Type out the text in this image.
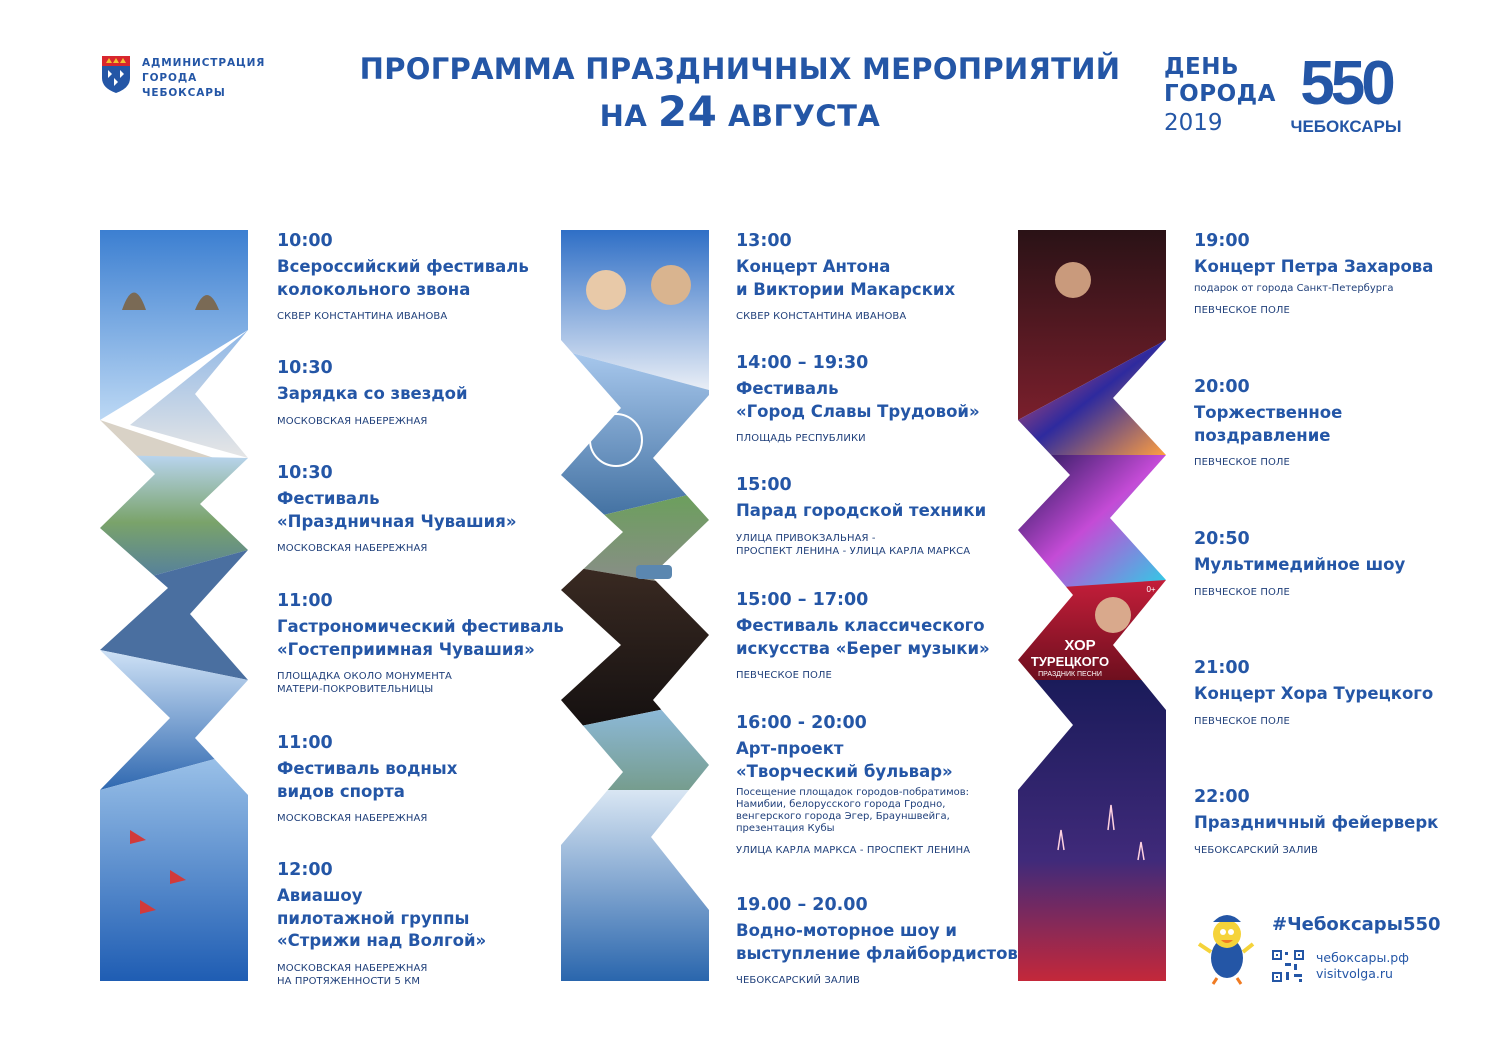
АДМИНИСТРАЦИЯ
ГОРОДА
ЧЕБОКСАРЫ
ПРОГРАММА ПРАЗДНИЧНЫХ МЕРОПРИЯТИЙ
НА 24 АВГУСТА
ДЕНЬ
ГОРОДА
2019
550
ЧЕБОКСАРЫ
ХОР
ТУРЕЦКОГО
ПРАЗДНИК ПЕСНИ
0+
10:00
Всероссийский фестиваль
колокольного звона
СКВЕР КОНСТАНТИНА ИВАНОВА
10:30
Зарядка со звездой
МОСКОВСКАЯ НАБЕРЕЖНАЯ
10:30
Фестиваль
«Праздничная Чувашия»
МОСКОВСКАЯ НАБЕРЕЖНАЯ
11:00
Гастрономический фестиваль
«Гостеприимная Чувашия»
ПЛОЩАДКА ОКОЛО МОНУМЕНТА
МАТЕРИ-ПОКРОВИТЕЛЬНИЦЫ
11:00
Фестиваль водных
видов спорта
МОСКОВСКАЯ НАБЕРЕЖНАЯ
12:00
Авиашоу
пилотажной группы
«Стрижи над Волгой»
МОСКОВСКАЯ НАБЕРЕЖНАЯ
НА ПРОТЯЖЕННОСТИ 5 КМ
13:00
Концерт Антона
и Виктории Макарских
СКВЕР КОНСТАНТИНА ИВАНОВА
14:00 – 19:30
Фестиваль
«Город Славы Трудовой»
ПЛОЩАДЬ РЕСПУБЛИКИ
15:00
Парад городской техники
УЛИЦА ПРИВОКЗАЛЬНАЯ -
ПРОСПЕКТ ЛЕНИНА - УЛИЦА КАРЛА МАРКСА
15:00 – 17:00
Фестиваль классического
искусства «Берег музыки»
ПЕВЧЕСКОЕ ПОЛЕ
16:00 - 20:00
Арт-проект
«Творческий бульвар»
Посещение площадок городов-побратимов:
Намибии, белорусского города Гродно,
венгерского города Эгер, Брауншвейга,
презентация Кубы
УЛИЦА КАРЛА МАРКСА - ПРОСПЕКТ ЛЕНИНА
19.00 – 20.00
Водно-моторное шоу и
выступление флайбордистов
ЧЕБОКСАРСКИЙ ЗАЛИВ
19:00
Концерт Петра Захарова
подарок от города Санкт-Петербурга
ПЕВЧЕСКОЕ ПОЛЕ
20:00
Торжественное
поздравление
ПЕВЧЕСКОЕ ПОЛЕ
20:50
Мультимедийное шоу
ПЕВЧЕСКОЕ ПОЛЕ
21:00
Концерт Хора Турецкого
ПЕВЧЕСКОЕ ПОЛЕ
22:00
Праздничный фейерверк
ЧЕБОКСАРСКИЙ ЗАЛИВ
#Чебоксары550
чебоксары.рф
visitvolga.ru
